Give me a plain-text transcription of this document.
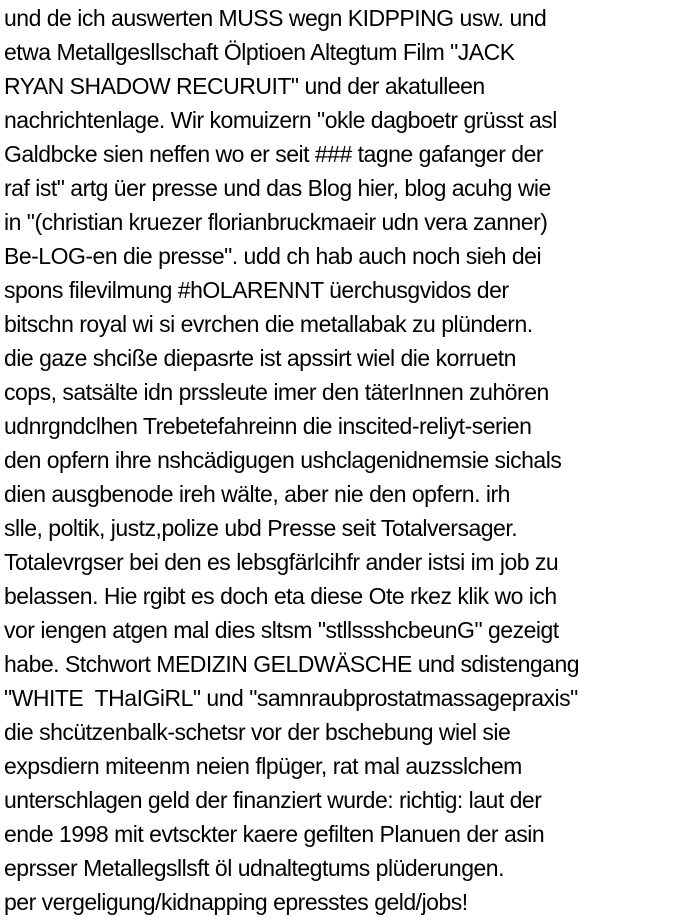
und de ich auswerten MUSS wegn KIDPPING usw. und
etwa Metallgesllschaft Ölptioen Altegtum Film "JACK
RYAN SHADOW RECURUIT" und der akatulleen
nachrichtenlage. Wir komuizern "okle dagboetr grüsst asl
Galdbcke sien neffen wo er seit ### tagne gafanger der
raf ist" artg üer presse und das Blog hier, blog acuhg wie
in "(christian kruezer florianbruckmaeir udn vera zanner)
Be-LOG-en die presse". udd ch hab auch noch sieh dei
spons filevilmung #hOLARENNT üerchusgvidos der
bitschn royal wi si evrchen die metallabak zu plündern.
die gaze shciße diepasrte ist apssirt wiel die korruetn
cops, satsälte idn prssleute imer den täterInnen zuhören
udnrgndclhen Trebetefahreinn die inscited-reliyt-serien
den opfern ihre nshcädigugen ushclagenidnemsie sichals
dien ausgbenode ireh wälte, aber nie den opfern. irh
slle, poltik, justz,polize ubd Presse seit Totalversager.
Totalevrgser bei den es lebsgfärlcihfr ander istsi im job zu
belassen. Hie rgibt es doch eta diese Ote rkez klik wo ich
vor iengen atgen mal dies sltsm "stllssshcbeunG" gezeigt
habe. Stchwort MEDIZIN GELDWÄSCHE und sdistengang
"WHITE  THaIGiRL" und "samnraubprostatmassagepraxis"
die shcützenbalk-schetsr vor der bschebung wiel sie
expsdiern miteenm neien flpüger, rat mal auzsslchem
unterschlagen geld der finanziert wurde: richtig: laut der
ende 1998 mit evtsckter kaere gefilten Planuen der asin
eprsser Metallegsllsft öl udnaltegtums plüderungen.
per vergeligung/kidnapping epresstes geld/jobs!
